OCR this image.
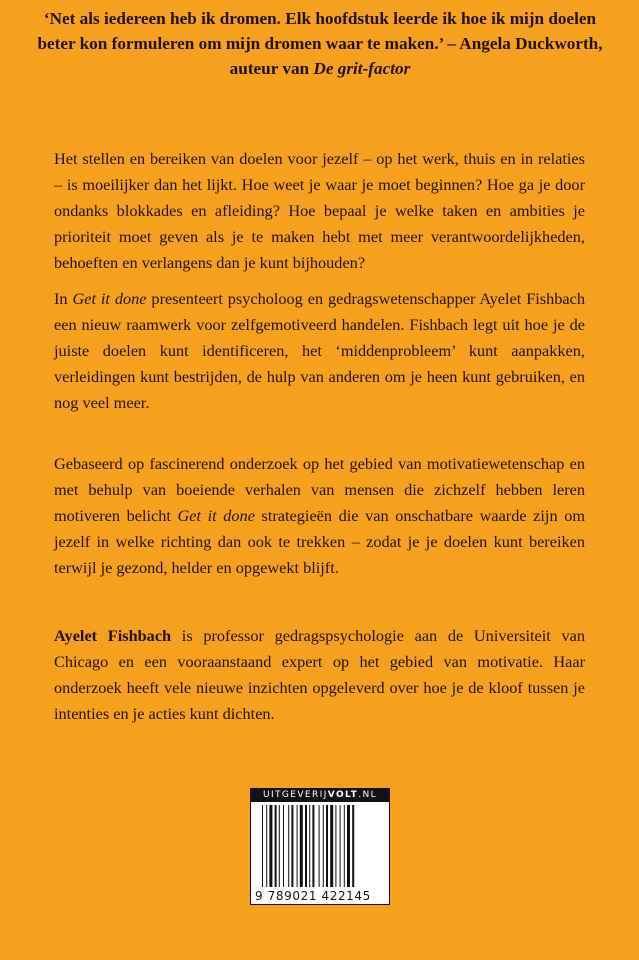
‘Net als iedereen heb ik dromen. Elk hoofdstuk leerde ik hoe ik mijn doelen beter kon formuleren om mijn dromen waar te maken.’ – Angela Duckworth, auteur van De grit-factor

Het stellen en bereiken van doelen voor jezelf – op het werk, thuis en in relaties – is moeilijker dan het lijkt. Hoe weet je waar je moet beginnen? Hoe ga je door ondanks blokkades en afleiding? Hoe bepaal je welke taken en ambities je prioriteit moet geven als je te maken hebt met meer verantwoordelijkheden, behoeften en verlangens dan je kunt bijhouden?

In Get it done presenteert psycholoog en gedragswetenschapper Ayelet Fishbach een nieuw raamwerk voor zelfgemotiveerd handelen. Fishbach legt uit hoe je de juiste doelen kunt identificeren, het ‘middenprobleem’ kunt aanpakken, verleidingen kunt bestrijden, de hulp van anderen om je heen kunt gebruiken, en nog veel meer.

Gebaseerd op fascinerend onderzoek op het gebied van motivatiewetenschap en met behulp van boeiende verhalen van mensen die zichzelf hebben leren motiveren belicht Get it done strategieën die van onschatbare waarde zijn om jezelf in welke richting dan ook te trekken – zodat je je doelen kunt bereiken terwijl je gezond, helder en opgewekt blijft.

Ayelet Fishbach is professor gedragspsychologie aan de Universiteit van Chicago en een vooraanstaand expert op het gebied van motivatie. Haar onderzoek heeft vele nieuwe inzichten opgeleverd over hoe je de kloof tussen je intenties en je acties kunt dichten.

UITGEVERIJVOLT.NL
9 789021 422145
